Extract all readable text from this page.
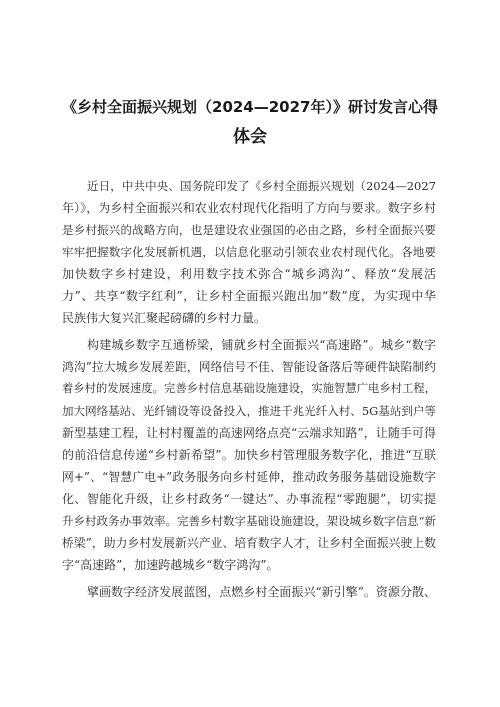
《乡村全面振兴规划（2024—2027年）》研讨发言心得
体会

近日，中共中央、国务院印发了《乡村全面振兴规划（2024—2027

年）》，为乡村全面振兴和农业农村现代化指明了方向与要求。数字乡村

是乡村振兴的战略方向，也是建设农业强国的必由之路，乡村全面振兴要

牢牢把握数字化发展新机遇，以信息化驱动引领农业农村现代化。各地要

加快数字乡村建设，利用数字技术弥合“城乡鸿沟”、释放“发展活

力”、共享“数字红利”，让乡村全面振兴跑出加“数”度，为实现中华

民族伟大复兴汇聚起磅礴的乡村力量。

构建城乡数字互通桥梁，铺就乡村全面振兴“高速路”。城乡“数字

鸿沟”拉大城乡发展差距，网络信号不佳、智能设备落后等硬件缺陷制约

着乡村的发展速度。完善乡村信息基础设施建设，实施智慧广电乡村工程，

加大网络基站、光纤铺设等设备投入，推进千兆光纤入村、5G基站到户等

新型基建工程，让村村覆盖的高速网络点亮“云端求知路”，让随手可得

的前沿信息传递“乡村新希望”。加快乡村管理服务数字化，推进“互联

网+”、“智慧广电+”政务服务向乡村延伸，推动政务服务基础设施数字

化、智能化升级，让乡村政务“一键达”、办事流程“零跑腿”，切实提

升乡村政务办事效率。完善乡村数字基础设施建设，架设城乡数字信息“新

桥梁”，助力乡村发展新兴产业、培育数字人才，让乡村全面振兴驶上数

字“高速路”，加速跨越城乡“数字鸿沟”。

擘画数字经济发展蓝图，点燃乡村全面振兴“新引擎”。资源分散、
